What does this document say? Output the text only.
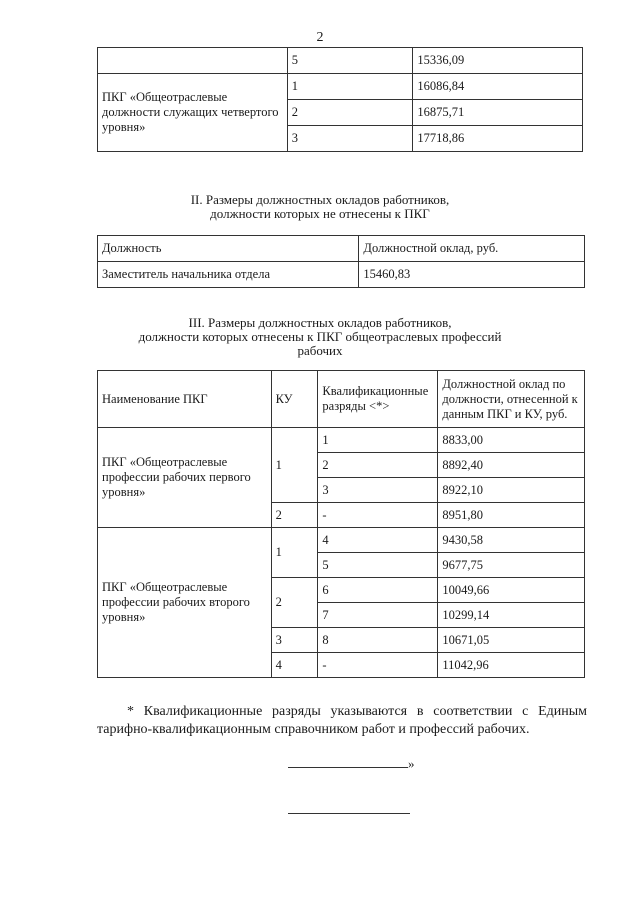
2
	5	15336,09
ПКГ «Общеотраслевые должности служащих четвертого уровня»	1	16086,84
	2	16875,71
	3	17718,86
II. Размеры должностных окладов работников,
должности которых не отнесены к ПКГ
Должность	Должностной оклад, руб.
Заместитель начальника отдела	15460,83
III. Размеры должностных окладов работников,
должности которых отнесены к ПКГ общеотраслевых профессий
рабочих
Наименование ПКГ	КУ	Квалификационные разряды <*>	Должностной оклад по должности, отнесенной к данным ПКГ и КУ, руб.
ПКГ «Общеотраслевые профессии рабочих первого уровня»	1	1	8833,00
		2	8892,40
		3	8922,10
	2	-	8951,80
ПКГ «Общеотраслевые профессии рабочих второго уровня»	1	4	9430,58
		5	9677,75
	2	6	10049,66
		7	10299,14
	3	8	10671,05
	4	-	11042,96
* Квалификационные разряды указываются в соответствии с Единым тарифно-квалификационным справочником работ и профессий рабочих.
»
